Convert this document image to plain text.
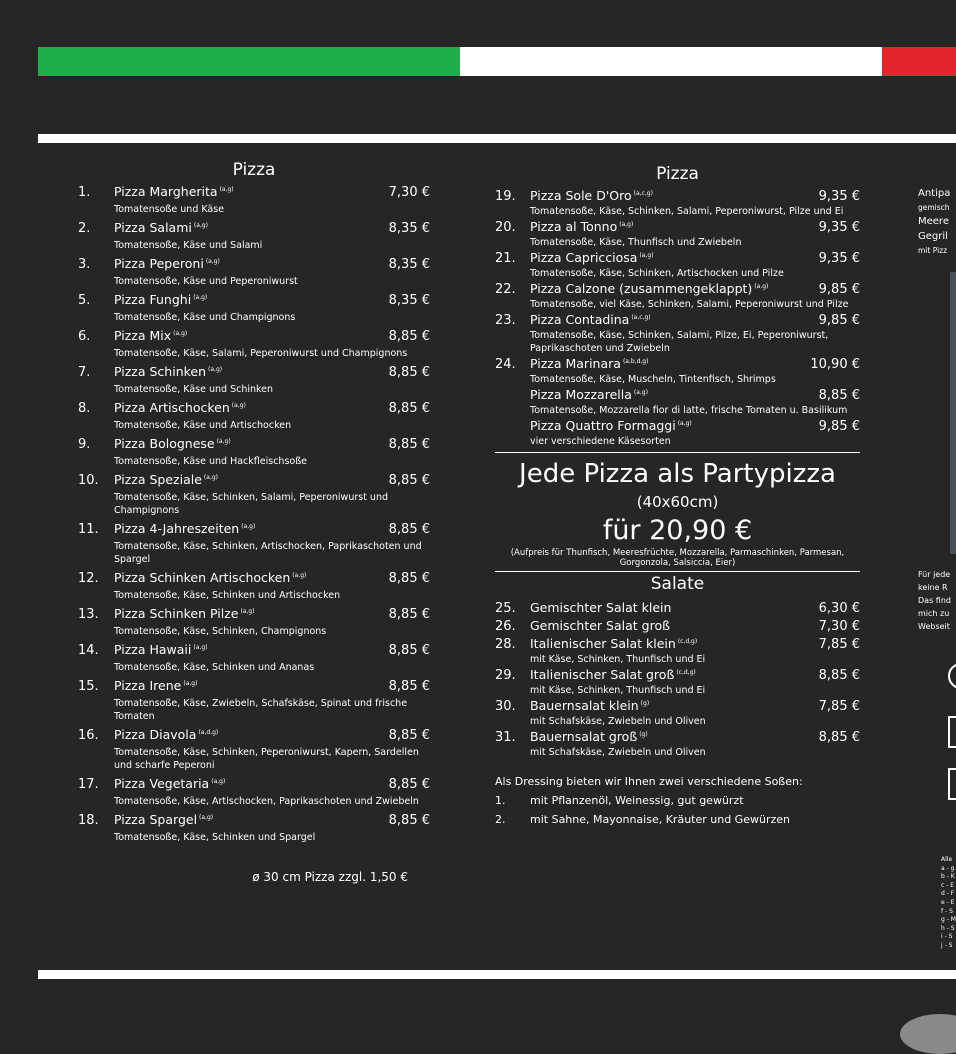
Pizza
1.	Pizza Margherita $^{(a,g)}$	7,30 €
Tomatensoße und Käse
2.	Pizza Salami $^{(a,g)}$	8,35 €
Tomatensoße, Käse und Salami
3.	Pizza Peperoni $^{(a,g)}$	8,35 €
Tomatensoße, Käse und Peperoniwurst
5.	Pizza Funghi $^{(a,g)}$	8,35 €
Tomatensoße, Käse und Champignons
6.	Pizza Mix $^{(a,g)}$	8,85 €
Tomatensoße, Käse, Salami, Peperoniwurst und Champignons
7.	Pizza Schinken $^{(a,g)}$	8,85 €
Tomatensoße, Käse und Schinken
8.	Pizza Artischocken $^{(a,g)}$	8,85 €
Tomatensoße, Käse und Artischocken
9.	Pizza Bolognese $^{(a,g)}$	8,85 €
Tomatensoße, Käse und Hackfleischsoße
10.	Pizza Speziale $^{(a,g)}$	8,85 €
Tomatensoße, Käse, Schinken, Salami, Peperoniwurst und Champignons
11.	Pizza 4-Jahreszeiten $^{(a,g)}$	8,85 €
Tomatensoße, Käse, Schinken, Artischocken, Paprikaschoten und Spargel
12.	Pizza Schinken Artischocken $^{(a,g)}$	8,85 €
Tomatensoße, Käse, Schinken und Artischocken
13.	Pizza Schinken Pilze $^{(a,g)}$	8,85 €
Tomatensoße, Käse, Schinken, Champignons
14.	Pizza Hawaii $^{(a,g)}$	8,85 €
Tomatensoße, Käse, Schinken und Ananas
15.	Pizza Irene $^{(a,g)}$	8,85 €
Tomatensoße, Käse, Zwiebeln, Schafskäse, Spinat und frische Tomaten
16.	Pizza Diavola $^{(a,d,g)}$	8,85 €
Tomatensoße, Käse, Schinken, Peperoniwurst, Kapern, Sardellen und scharfe Peperoni
17.	Pizza Vegetaria $^{(a,g)}$	8,85 €
Tomatensoße, Käse, Artischocken, Paprikaschoten und Zwiebeln
18.	Pizza Spargel $^{(a,g)}$	8,85 €
Tomatensoße, Käse, Schinken und Spargel
ø 30 cm Pizza zzgl. 1,50 €
Pizza
19.	Pizza Sole D'Oro $^{(a,c,g)}$	9,35 €
Tomatensoße, Käse, Schinken, Salami, Peperoniwurst, Pilze und Ei
20.	Pizza al Tonno $^{(a,g)}$	9,35 €
Tomatensoße, Käse, Thunfisch und Zwiebeln
21.	Pizza Capricciosa $^{(a,g)}$	9,35 €
Tomatensoße, Käse, Schinken, Artischocken und Pilze
22.	Pizza Calzone (zusammengeklappt) $^{(a,g)}$	9,85 €
Tomatensoße, viel Käse, Schinken, Salami, Peperoniwurst und Pilze
23.	Pizza Contadina $^{(a,c,g)}$	9,85 €
Tomatensoße, Käse, Schinken, Salami, Pilze, Ei, Peperoniwurst, Paprikaschoten und Zwiebeln
24.	Pizza Marinara $^{(a,b,d,g)}$	10,90 €
Tomatensoße, Käse, Muscheln, Tintenfisch, Shrimps
Pizza Mozzarella $^{(a,g)}$	8,85 €
Tomatensoße, Mozzarella fior di latte, frische Tomaten u. Basilikum
Pizza Quattro Formaggi $^{(a,g)}$	9,85 €
vier verschiedene Käsesorten
Jede Pizza als Partypizza
(40x60cm)
für 20,90 €
(Aufpreis für Thunfisch, Meeresfrüchte, Mozzarella, Parmaschinken, Parmesan, Gorgonzola, Salsiccia, Eier)
Salate
25.	Gemischter Salat klein	6,30 €
26.	Gemischter Salat groß	7,30 €
28.	Italienischer Salat klein $^{(c,d,g)}$	7,85 €
mit Käse, Schinken, Thunfisch und Ei
29.	Italienischer Salat groß $^{(c,d,g)}$	8,85 €
mit Käse, Schinken, Thunfisch und Ei
30.	Bauernsalat klein $^{(g)}$	7,85 €
mit Schafskäse, Zwiebeln und Oliven
31.	Bauernsalat groß $^{(g)}$	8,85 €
mit Schafskäse, Zwiebeln und Oliven
Als Dressing bieten wir Ihnen zwei verschiedene Soßen:
1.	mit Pflanzenöl, Weinessig, gut gewürzt
2.	mit Sahne, Mayonnaise, Kräuter und Gewürzen
Antipa
gemisch
Meere
Gegril
mit Pizz
Für jede
keine R
Das find
mich zu
Webseit
Alle
a - g
b - K
c - E
d - F
e - E
f - S
g - M
h - S
i - S
j - S
